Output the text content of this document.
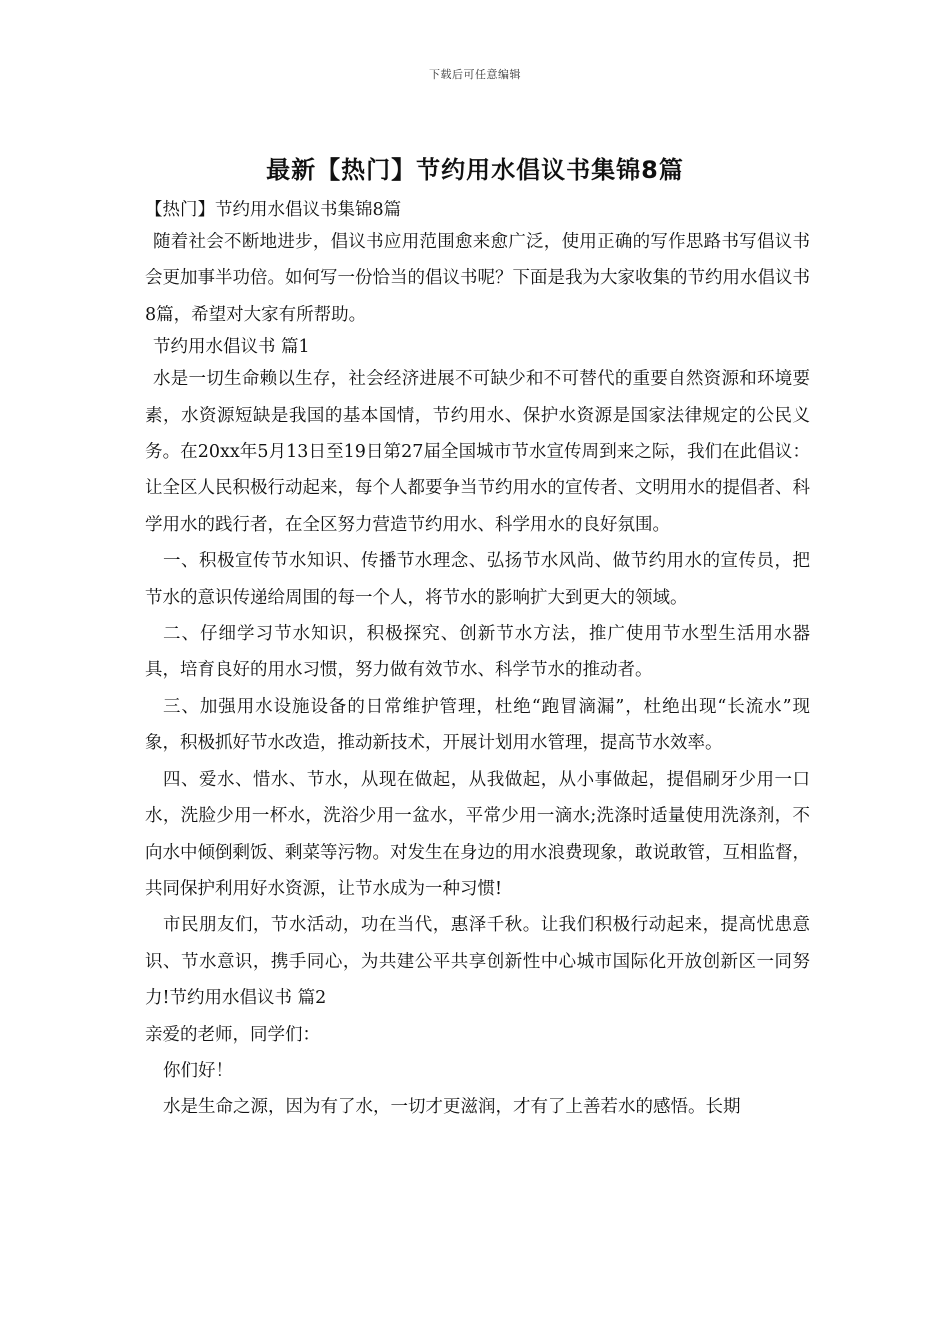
下载后可任意编辑
最新【热门】节约用水倡议书集锦8篇

【热门】节约用水倡议书集锦8篇

随着社会不断地进步，倡议书应用范围愈来愈广泛，使用正确的写作思路书写倡议书会更加事半功倍。如何写一份恰当的倡议书呢？下面是我为大家收集的节约用水倡议书8篇，希望对大家有所帮助。

节约用水倡议书 篇1

水是一切生命赖以生存，社会经济进展不可缺少和不可替代的重要自然资源和环境要素，水资源短缺是我国的基本国情，节约用水、保护水资源是国家法律规定的公民义务。在20xx年5月13日至19日第27届全国城市节水宣传周到来之际，我们在此倡议：让全区人民积极行动起来，每个人都要争当节约用水的宣传者、文明用水的提倡者、科学用水的践行者，在全区努力营造节约用水、科学用水的良好氛围。

一、积极宣传节水知识、传播节水理念、弘扬节水风尚、做节约用水的宣传员，把节水的意识传递给周围的每一个人，将节水的影响扩大到更大的领域。

二、仔细学习节水知识，积极探究、创新节水方法，推广使用节水型生活用水器具，培育良好的用水习惯，努力做有效节水、科学节水的推动者。

三、加强用水设施设备的日常维护管理，杜绝“跑冒滴漏”，杜绝出现“长流水”现象，积极抓好节水改造，推动新技术，开展计划用水管理，提高节水效率。

四、爱水、惜水、节水，从现在做起，从我做起，从小事做起，提倡刷牙少用一口水，洗脸少用一杯水，洗浴少用一盆水，平常少用一滴水;洗涤时适量使用洗涤剂，不向水中倾倒剩饭、剩菜等污物。对发生在身边的用水浪费现象，敢说敢管，互相监督，共同保护利用好水资源，让节水成为一种习惯!

市民朋友们，节水活动，功在当代，惠泽千秋。让我们积极行动起来，提高忧患意识、节水意识，携手同心，为共建公平共享创新性中心城市国际化开放创新区一同努力!节约用水倡议书 篇2

亲爱的老师，同学们：

你们好！

水是生命之源，因为有了水，一切才更滋润，才有了上善若水的感悟。长期
